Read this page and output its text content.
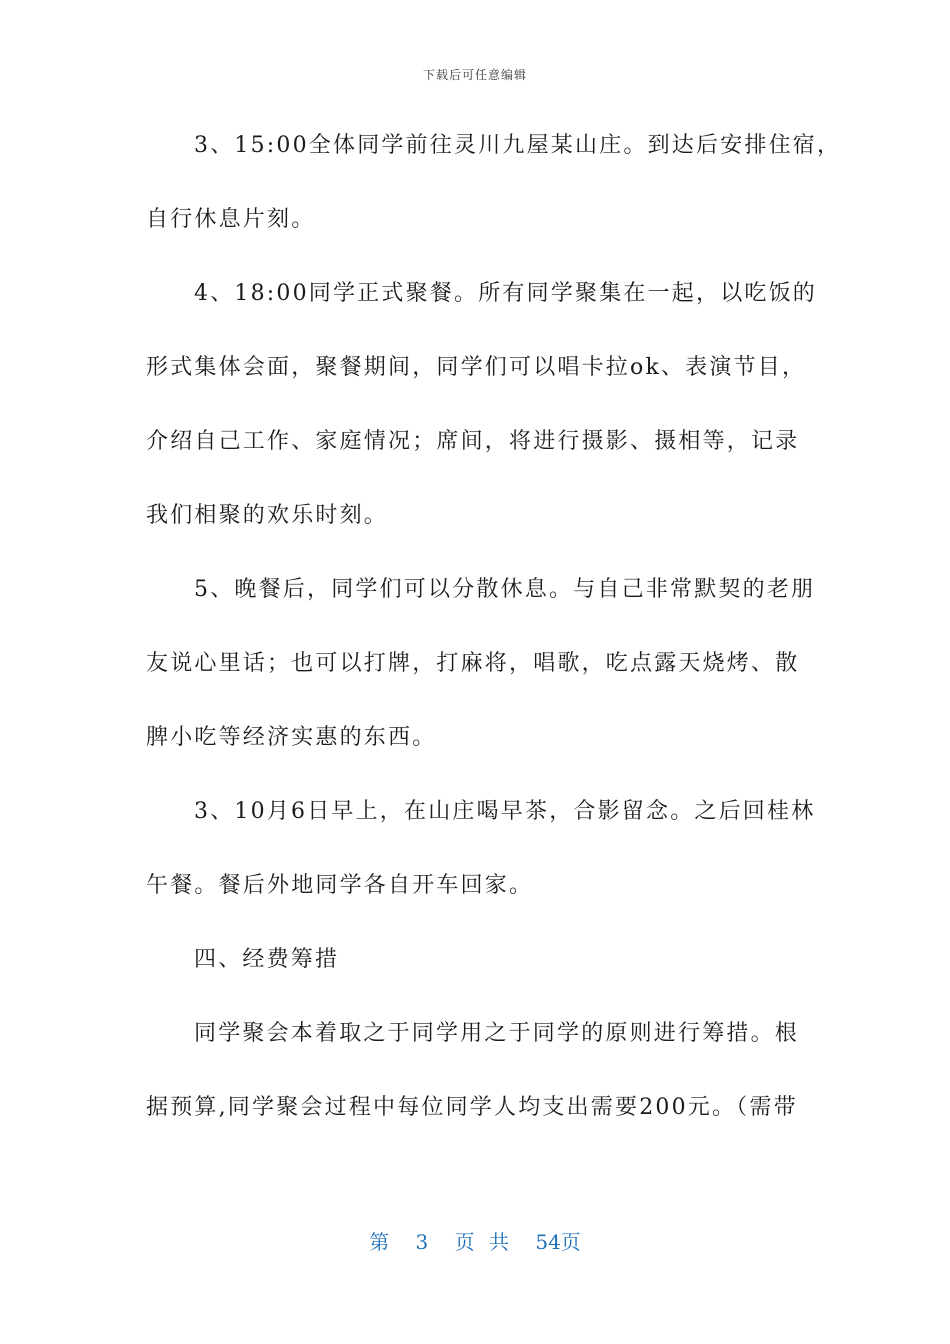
下载后可任意编辑
3、15:00全体同学前往灵川九屋某山庄。到达后安排住宿，
自行休息片刻。
4、18:00同学正式聚餐。所有同学聚集在一起，以吃饭的
形式集体会面，聚餐期间，同学们可以唱卡拉ok、表演节目，
介绍自己工作、家庭情况；席间，将进行摄影、摄相等，记录
我们相聚的欢乐时刻。
5、晚餐后，同学们可以分散休息。与自己非常默契的老朋
友说心里话；也可以打牌，打麻将，唱歌，吃点露天烧烤、散
脾小吃等经济实惠的东西。
3、10月6日早上，在山庄喝早茶，合影留念。之后回桂林
午餐。餐后外地同学各自开车回家。
四、经费筹措
同学聚会本着取之于同学用之于同学的原则进行筹措。根
据预算,同学聚会过程中每位同学人均支出需要200元。（需带
第 3 页 共 54页
